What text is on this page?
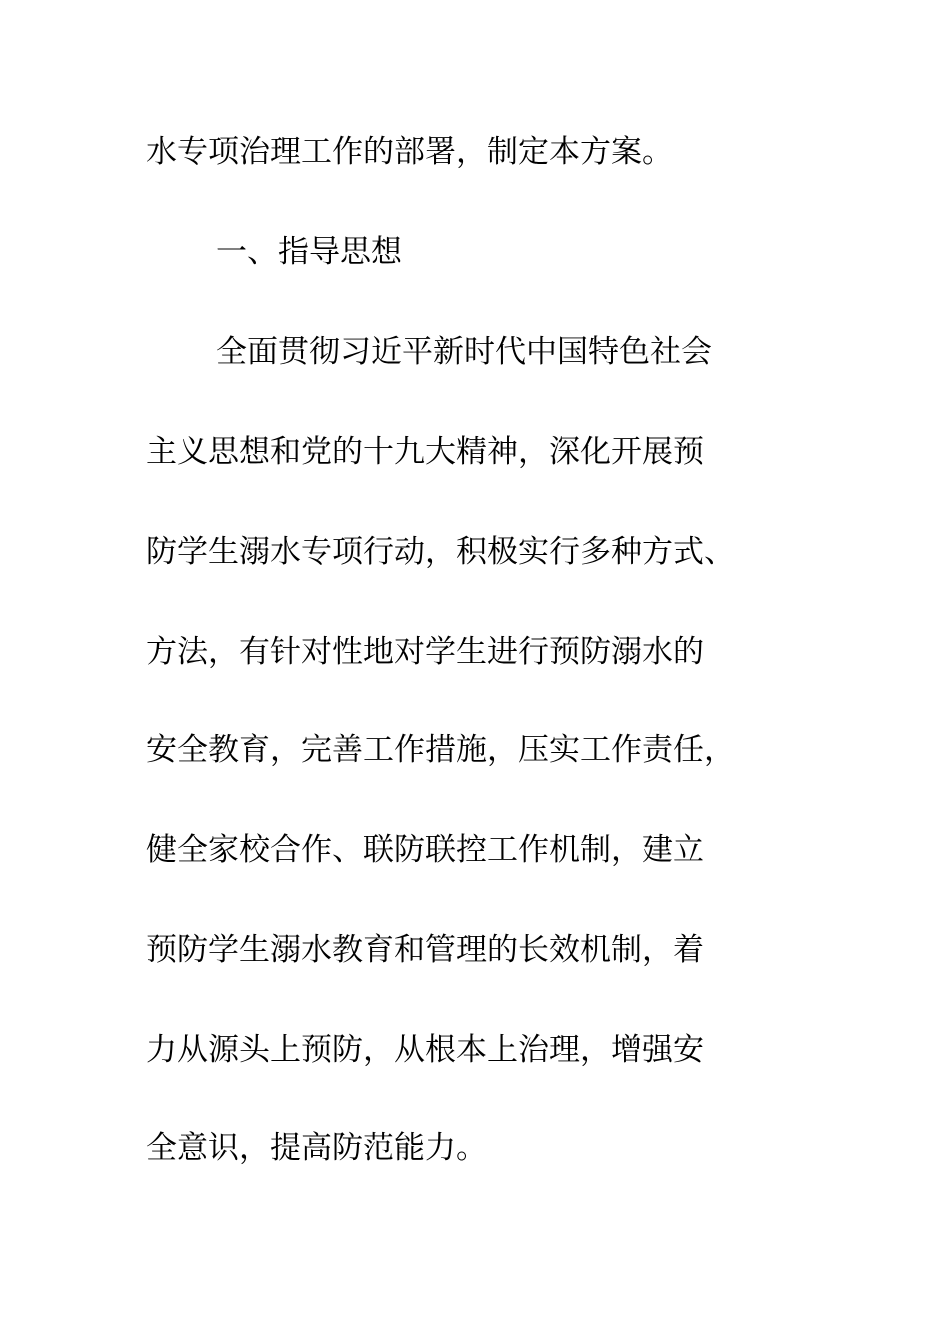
水专项治理工作的部署，制定本方案。
一、指导思想
全面贯彻习近平新时代中国特色社会
主义思想和党的十九大精神，深化开展预
防学生溺水专项行动，积极实行多种方式、
方法，有针对性地对学生进行预防溺水的
安全教育，完善工作措施，压实工作责任，
健全家校合作、联防联控工作机制，建立
预防学生溺水教育和管理的长效机制，着
力从源头上预防，从根本上治理，增强安
全意识，提高防范能力。
